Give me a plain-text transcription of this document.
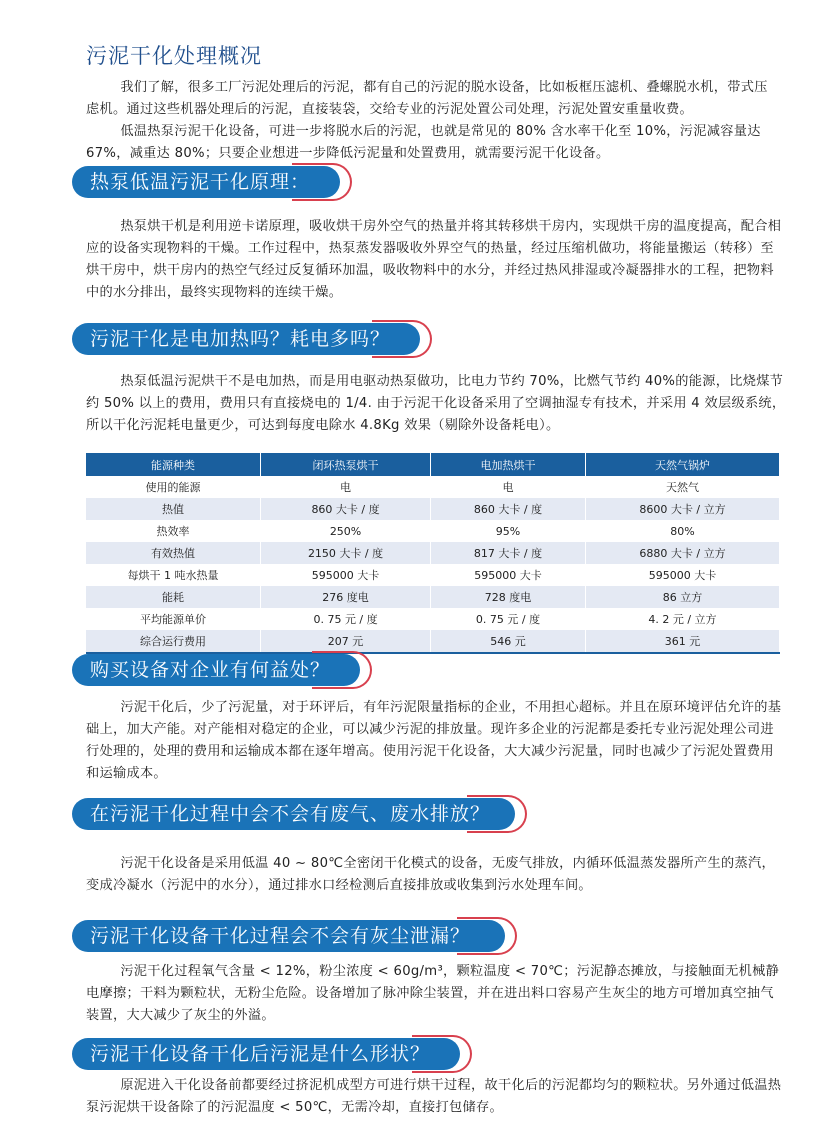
污泥干化处理概况

我们了解，很多工厂污泥处理后的污泥，都有自己的污泥的脱水设备，比如板框压滤机、叠螺脱水机，带式压虑机。通过这些机器处理后的污泥，直接装袋，交给专业的污泥处置公司处理，污泥处置安重量收费。

低温热泵污泥干化设备，可进一步将脱水后的污泥，也就是常见的 80% 含水率干化至 10%，污泥减容量达 67%，减重达 80%；只要企业想进一步降低污泥量和处置费用，就需要污泥干化设备。

热泵低温污泥干化原理：
热泵烘干机是利用逆卡诺原理，吸收烘干房外空气的热量并将其转移烘干房内，实现烘干房的温度提高，配合相应的设备实现物料的干燥。工作过程中，热泵蒸发器吸收外界空气的热量，经过压缩机做功，将能量搬运（转移）至烘干房中，烘干房内的热空气经过反复循环加温，吸收物料中的水分，并经过热风排湿或冷凝器排水的工程，把物料中的水分排出，最终实现物料的连续干燥。
污泥干化是电加热吗？耗电多吗？
热泵低温污泥烘干不是电加热，而是用电驱动热泵做功，比电力节约 70%，比燃气节约 40%的能源，比烧煤节约 50% 以上的费用，费用只有直接烧电的 1/4. 由于污泥干化设备采用了空调抽湿专有技术，并采用 4 效层级系统，所以干化污泥耗电量更少，可达到每度电除水 4.8Kg 效果（剔除外设备耗电）。
能源种类	闭环热泵烘干	电加热烘干	天然气锅炉
使用的能源	电	电	天然气
热值	860 大卡 / 度	860 大卡 / 度	8600 大卡 / 立方
热效率	250%	95%	80%
有效热值	2150 大卡 / 度	817 大卡 / 度	6880 大卡 / 立方
每烘干 1 吨水热量	595000 大卡	595000 大卡	595000 大卡
能耗	276 度电	728 度电	86 立方
平均能源单价	0. 75 元 / 度	0. 75 元 / 度	4. 2 元 / 立方
综合运行费用	207 元	546 元	361 元
购买设备对企业有何益处？
污泥干化后，少了污泥量，对于环评后，有年污泥限量指标的企业，不用担心超标。并且在原环境评估允许的基础上，加大产能。对产能相对稳定的企业，可以减少污泥的排放量。现许多企业的污泥都是委托专业污泥处理公司进行处理的，处理的费用和运输成本都在逐年增高。使用污泥干化设备，大大减少污泥量，同时也减少了污泥处置费用和运输成本。
在污泥干化过程中会不会有废气、废水排放？
污泥干化设备是采用低温 40 ~ 80℃全密闭干化模式的设备，无废气排放，内循环低温蒸发器所产生的蒸汽，变成冷凝水（污泥中的水分），通过排水口经检测后直接排放或收集到污水处理车间。
污泥干化设备干化过程会不会有灰尘泄漏？
污泥干化过程氧气含量 < 12%，粉尘浓度 < 60g/m³，颗粒温度 < 70℃；污泥静态摊放，与接触面无机械静电摩擦；干料为颗粒状，无粉尘危险。设备增加了脉冲除尘装置，并在进出料口容易产生灰尘的地方可增加真空抽气装置，大大减少了灰尘的外溢。
污泥干化设备干化后污泥是什么形状？
原泥进入干化设备前都要经过挤泥机成型方可进行烘干过程，故干化后的污泥都均匀的颗粒状。另外通过低温热泵污泥烘干设备除了的污泥温度 < 50℃，无需冷却，直接打包储存。
